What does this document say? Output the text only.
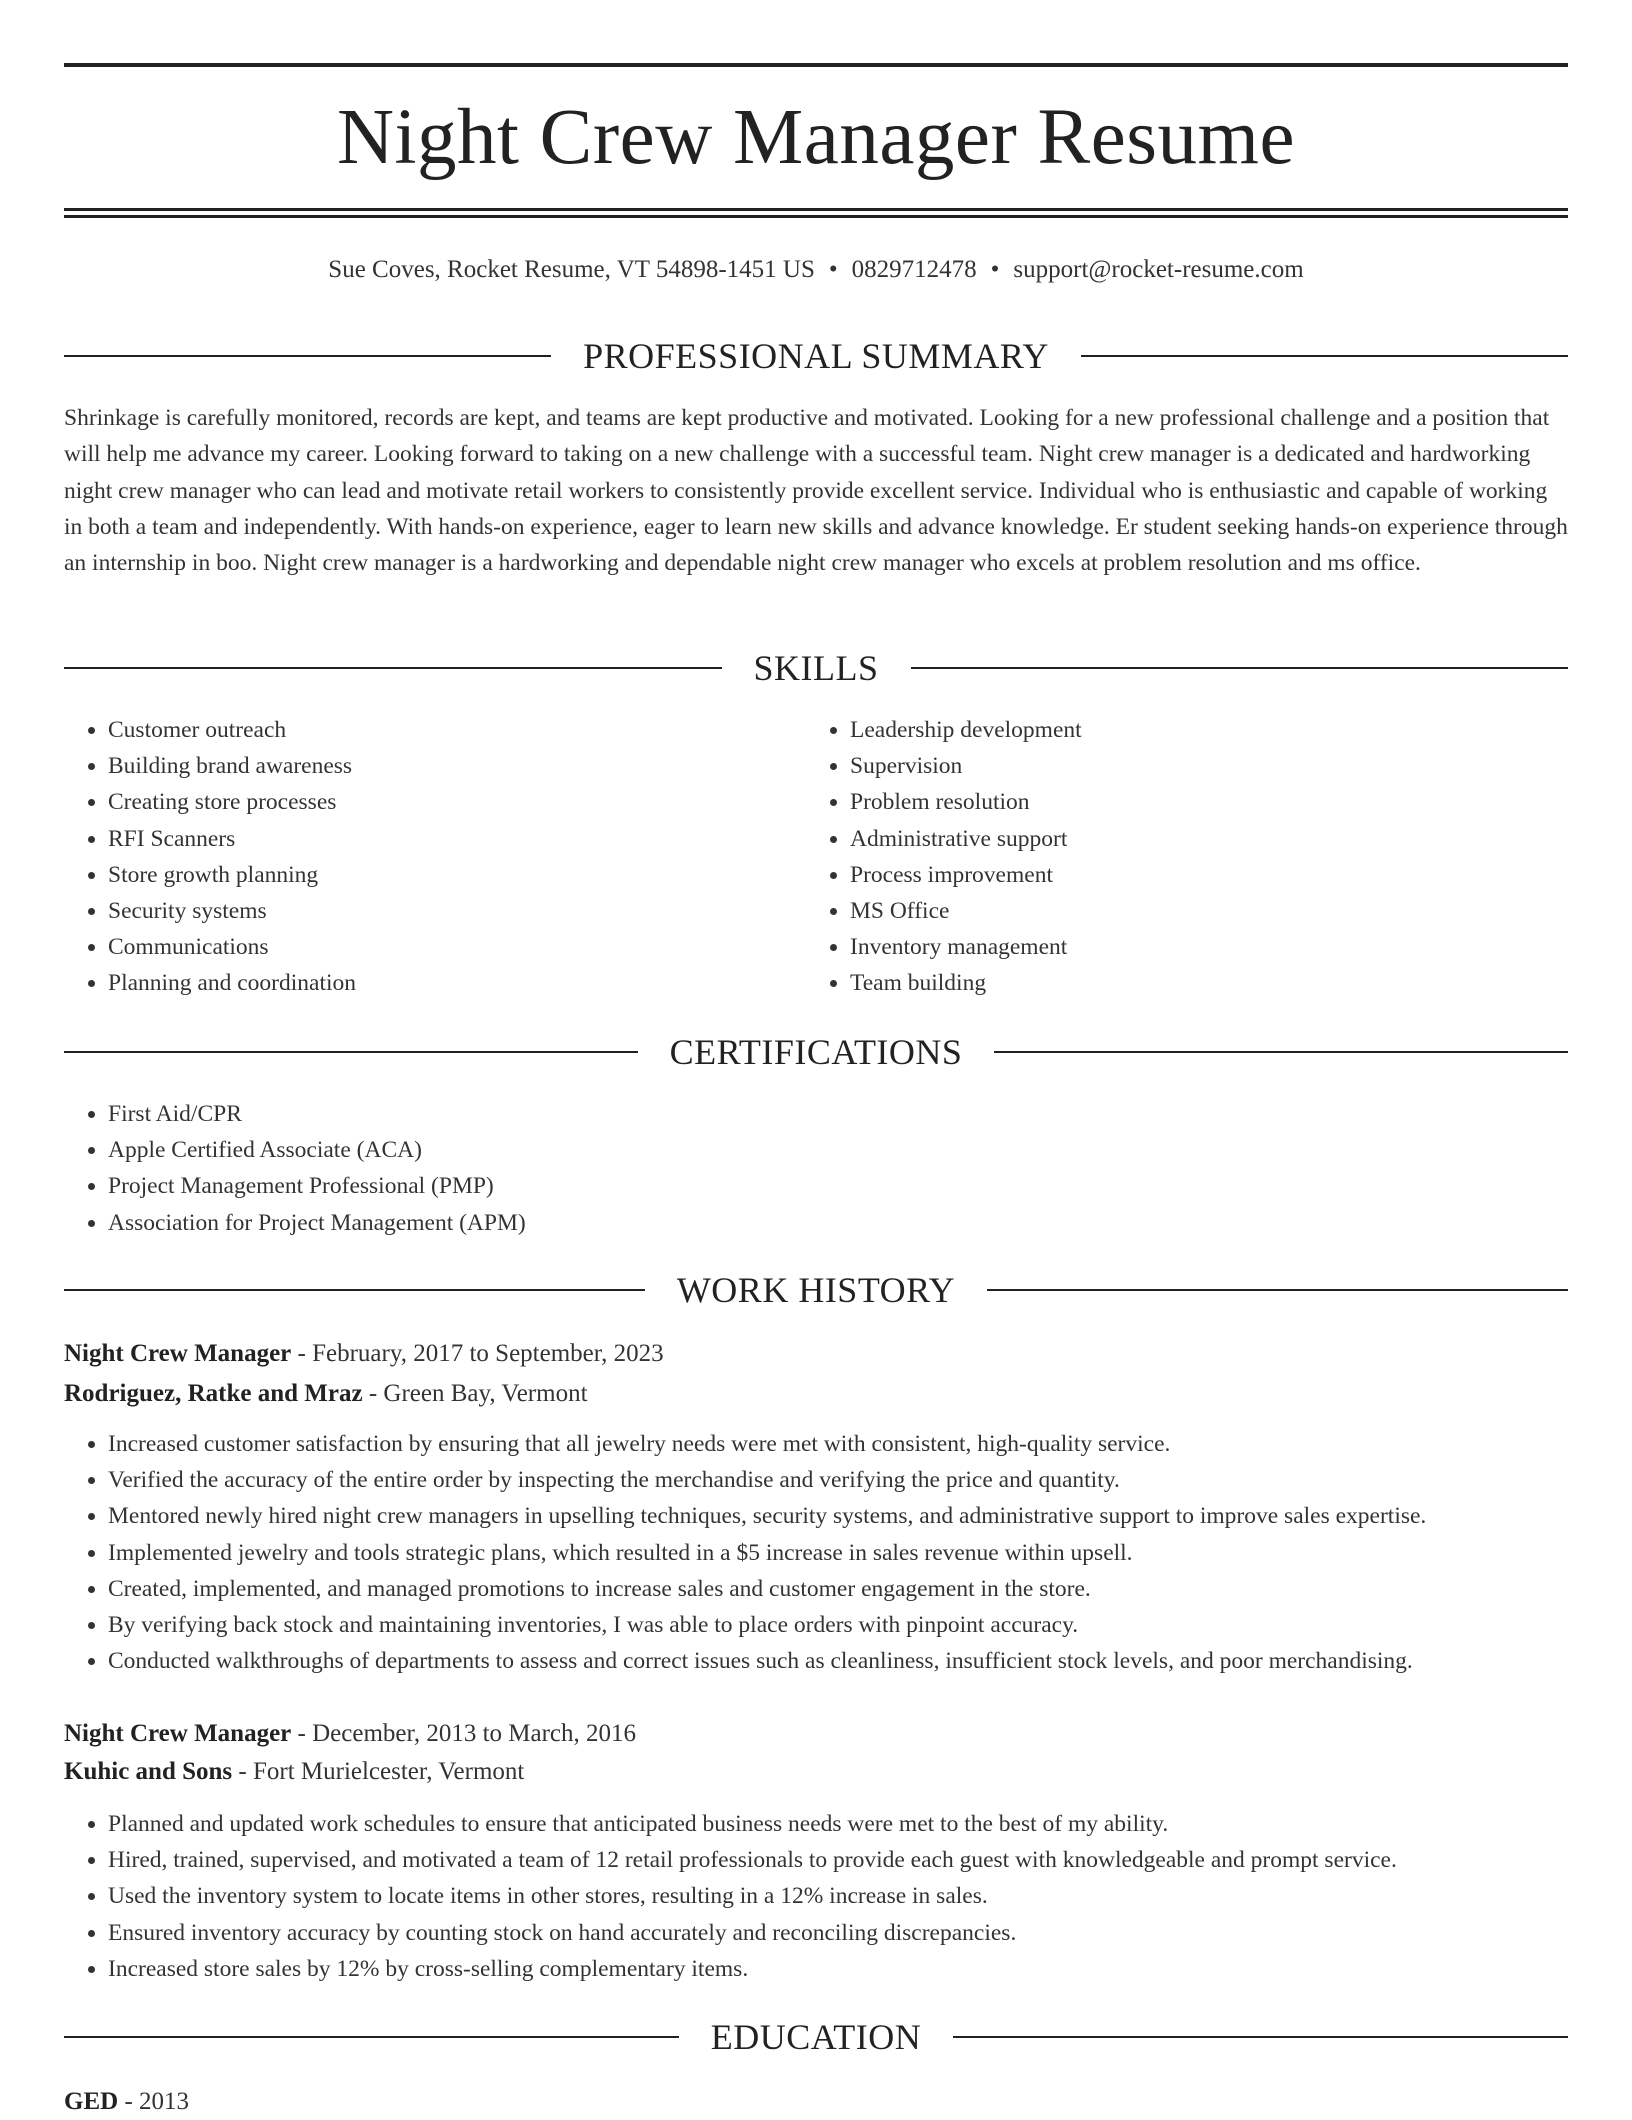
Night Crew Manager Resume
Sue Coves, Rocket Resume, VT 54898-1451 US • 0829712478 • support@rocket-resume.com
PROFESSIONAL SUMMARY

Shrinkage is carefully monitored, records are kept, and teams are kept productive and motivated. Looking for a new professional challenge and a position that will help me advance my career. Looking forward to taking on a new challenge with a successful team. Night crew manager is a dedicated and hardworking night crew manager who can lead and motivate retail workers to consistently provide excellent service. Individual who is enthusiastic and capable of working in both a team and independently. With hands-on experience, eager to learn new skills and advance knowledge. Er student seeking hands-on experience through an internship in boo. Night crew manager is a hardworking and dependable night crew manager who excels at problem resolution and ms office.

SKILLS
• Customer outreach
• Building brand awareness
• Creating store processes
• RFI Scanners
• Store growth planning
• Security systems
• Communications
• Planning and coordination
• Leadership development
• Supervision
• Problem resolution
• Administrative support
• Process improvement
• MS Office
• Inventory management
• Team building
CERTIFICATIONS
• First Aid/CPR
• Apple Certified Associate (ACA)
• Project Management Professional (PMP)
• Association for Project Management (APM)
WORK HISTORY
Night Crew Manager - February, 2017 to September, 2023
Rodriguez, Ratke and Mraz - Green Bay, Vermont
• Increased customer satisfaction by ensuring that all jewelry needs were met with consistent, high-quality service.
• Verified the accuracy of the entire order by inspecting the merchandise and verifying the price and quantity.
• Mentored newly hired night crew managers in upselling techniques, security systems, and administrative support to improve sales expertise.
• Implemented jewelry and tools strategic plans, which resulted in a $5 increase in sales revenue within upsell.
• Created, implemented, and managed promotions to increase sales and customer engagement in the store.
• By verifying back stock and maintaining inventories, I was able to place orders with pinpoint accuracy.
• Conducted walkthroughs of departments to assess and correct issues such as cleanliness, insufficient stock levels, and poor merchandising.
Night Crew Manager - December, 2013 to March, 2016
Kuhic and Sons - Fort Murielcester, Vermont
• Planned and updated work schedules to ensure that anticipated business needs were met to the best of my ability.
• Hired, trained, supervised, and motivated a team of 12 retail professionals to provide each guest with knowledgeable and prompt service.
• Used the inventory system to locate items in other stores, resulting in a 12% increase in sales.
• Ensured inventory accuracy by counting stock on hand accurately and reconciling discrepancies.
• Increased store sales by 12% by cross-selling complementary items.
EDUCATION
GED - 2013
